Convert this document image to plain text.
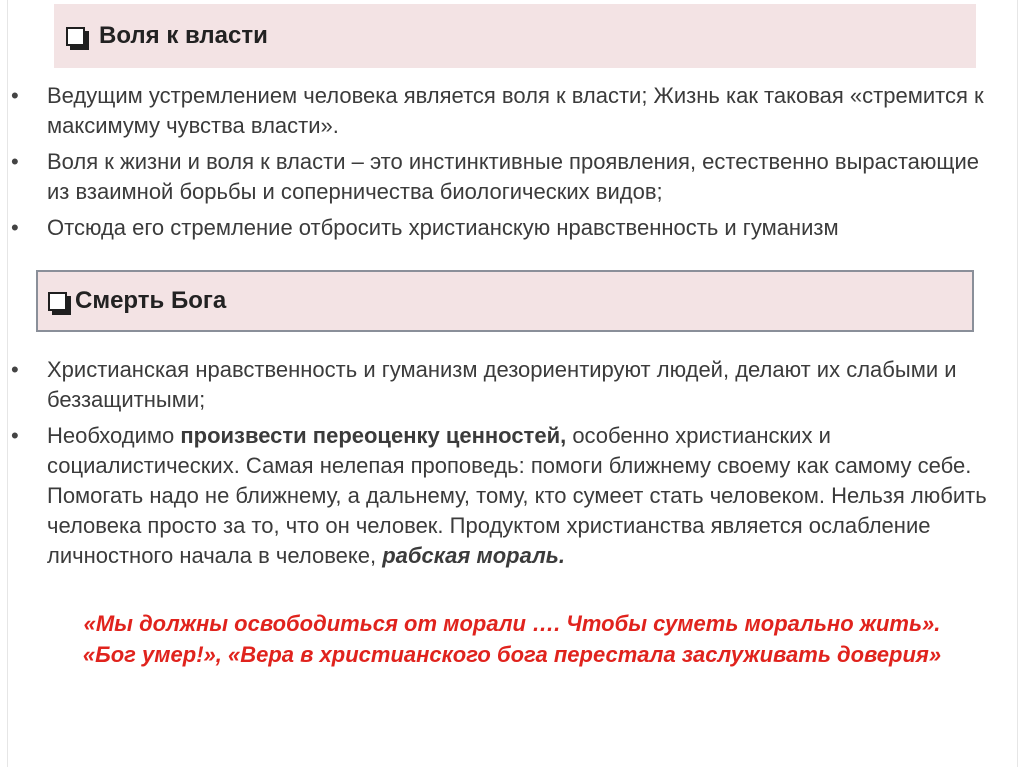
Воля к власти
• Ведущим устремлением человека является воля к власти; Жизнь как таковая «стремится к максимуму чувства власти».
• Воля к жизни и воля к власти – это инстинктивные проявления, естественно вырастающие из взаимной борьбы и соперничества биологических видов;
• Отсюда его стремление отбросить христианскую нравственность и гуманизм
Смерть Бога
• Христианская нравственность и гуманизм дезориентируют людей, делают их слабыми и беззащитными;
• Необходимо произвести переоценку ценностей, особенно христианских и социалистических. Самая нелепая проповедь: помоги ближнему своему как самому себе. Помогать надо не ближнему, а дальнему, тому, кто сумеет стать человеком. Нельзя любить человека просто за то, что он человек. Продуктом христианства является ослабление личностного начала в человеке, рабская мораль.
«Мы должны освободиться от морали …. Чтобы суметь морально жить».
«Бог умер!», «Вера в христианского бога перестала заслуживать доверия»
